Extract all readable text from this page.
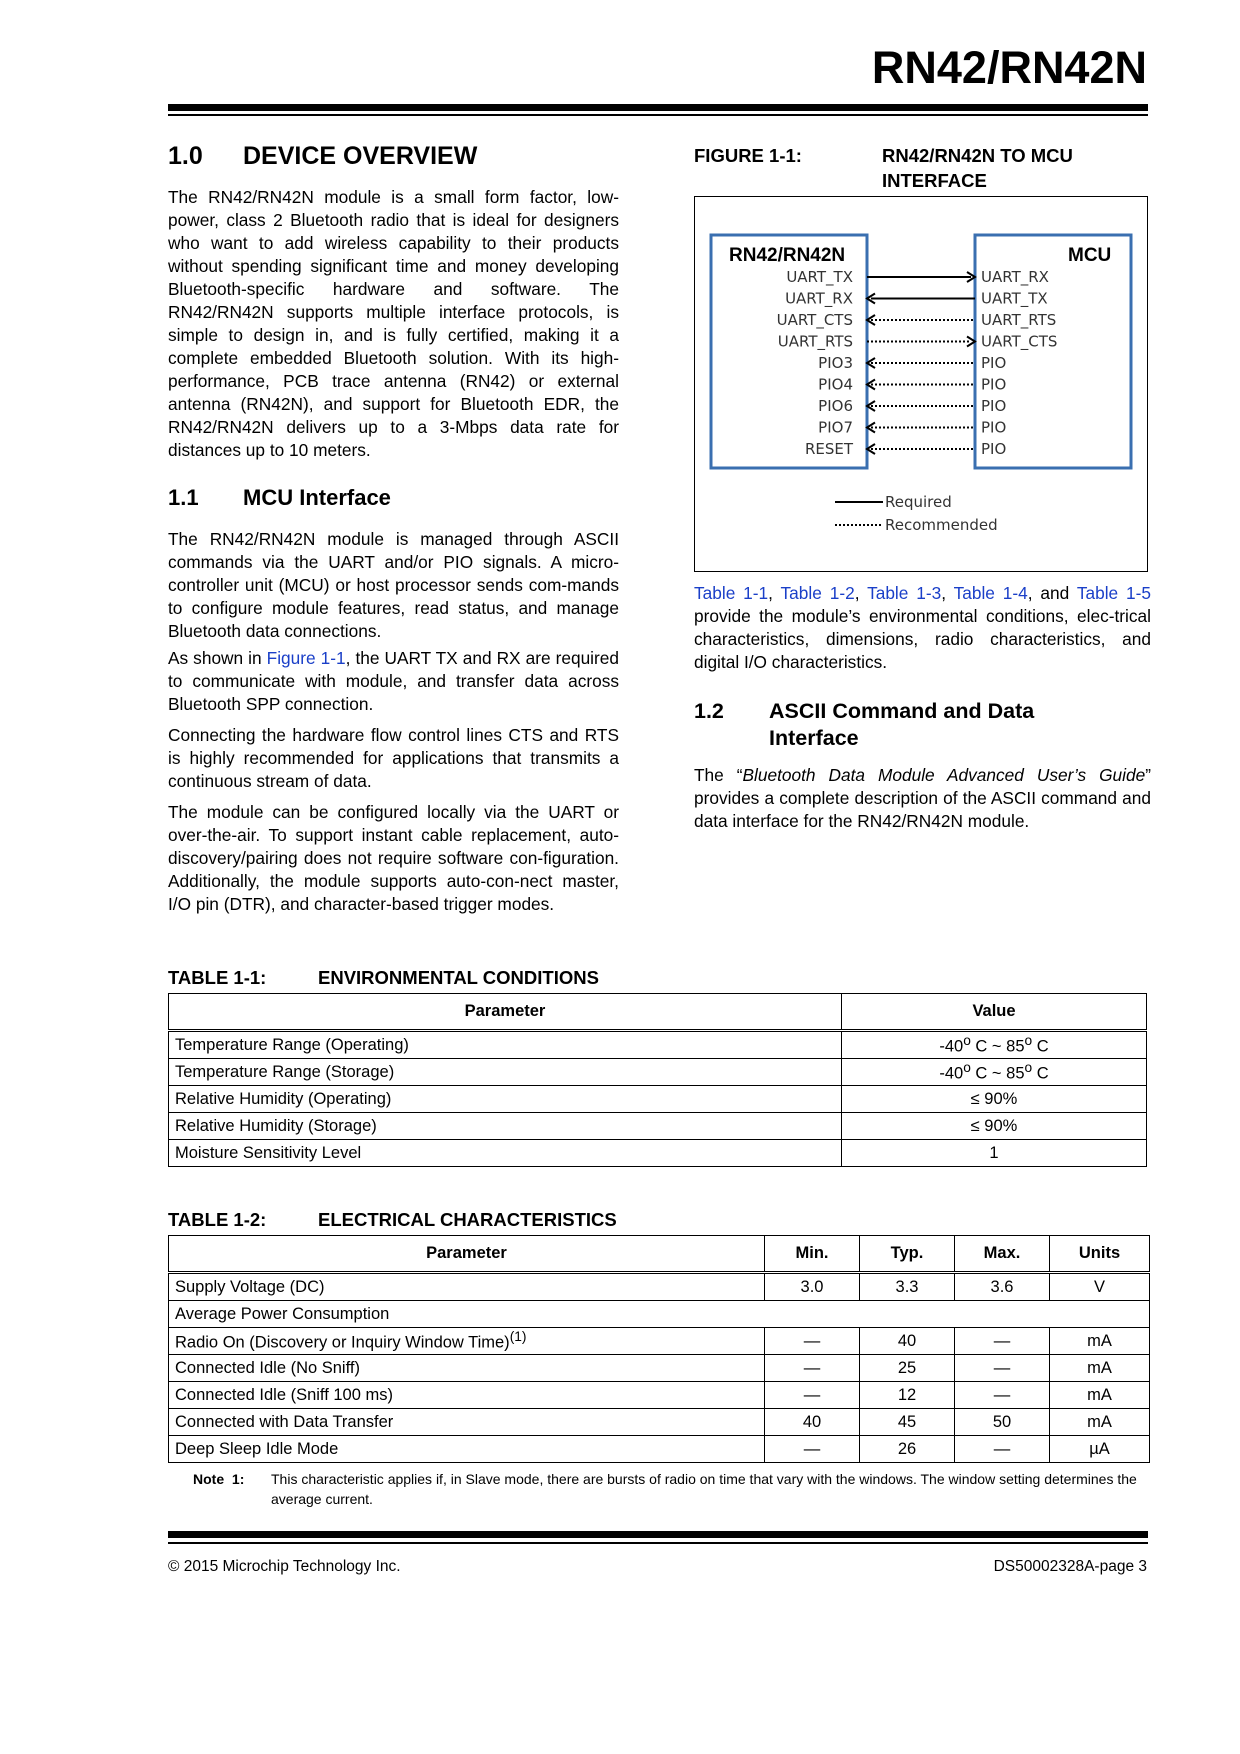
RN42/RN42N
1.0 DEVICE OVERVIEW
The RN42/RN42N module is a small form factor, low-power, class 2 Bluetooth radio that is ideal for designers who want to add wireless capability to their products without spending significant time and money developing Bluetooth-specific hardware and software. The RN42/RN42N supports multiple interface protocols, is simple to design in, and is fully certified, making it a complete embedded Bluetooth solution. With its high-performance, PCB trace antenna (RN42) or external antenna (RN42N), and support for Bluetooth EDR, the RN42/RN42N delivers up to a 3-Mbps data rate for distances up to 10 meters.
1.1 MCU Interface
The RN42/RN42N module is managed through ASCII commands via the UART and/or PIO signals. A micro-controller unit (MCU) or host processor sends com-mands to configure module features, read status, and manage Bluetooth data connections.
As shown in Figure 1-1, the UART TX and RX are required to communicate with module, and transfer data across Bluetooth SPP connection.
Connecting the hardware flow control lines CTS and RTS is highly recommended for applications that transmits a continuous stream of data.
The module can be configured locally via the UART or over-the-air. To support instant cable replacement, auto-discovery/pairing does not require software con-figuration. Additionally, the module supports auto-con-nect master, I/O pin (DTR), and character-based trigger modes.
FIGURE 1-1:	RN42/RN42N TO MCU
INTERFACE
RN42/RN42N	MCU
UART_TX
UART_RX
UART_CTS
UART_RTS
PIO3
PIO4
PIO6
PIO7
RESET
UART_RX
UART_TX
UART_RTS
UART_CTS
PIO
PIO
PIO
PIO
PIO
Required
Recommended
Table 1-1, Table 1-2, Table 1-3, Table 1-4, and Table 1-5 provide the module’s environmental conditions, elec-trical characteristics, dimensions, radio characteristics, and digital I/O characteristics.
1.2 ASCII Command and Data
Interface
The “Bluetooth Data Module Advanced User’s Guide” provides a complete description of the ASCII command and data interface for the RN42/RN42N module.
TABLE 1-1:	ENVIRONMENTAL CONDITIONS
Parameter	Value
Temperature Range (Operating)	-40$^o$ C ~ 85$^o$ C
Temperature Range (Storage)	-40$^o$ C ~ 85$^o$ C
Relative Humidity (Operating)	≤ 90%
Relative Humidity (Storage)	≤ 90%
Moisture Sensitivity Level	1
TABLE 1-2:	ELECTRICAL CHARACTERISTICS
Parameter	Min.	Typ.	Max.	Units
Supply Voltage (DC)	3.0	3.3	3.6	V
Average Power Consumption				
Radio On (Discovery or Inquiry Window Time)$^{(1)}$	—	40	—	mA
Connected Idle (No Sniff)	—	25	—	mA
Connected Idle (Sniff 100 ms)	—	12	—	mA
Connected with Data Transfer	40	45	50	mA
Deep Sleep Idle Mode	—	26	—	µA
Note 1: This characteristic applies if, in Slave mode, there are bursts of radio on time that vary with the windows. The window setting determines the average current.
© 2015 Microchip Technology Inc.	DS50002328A-page 3
